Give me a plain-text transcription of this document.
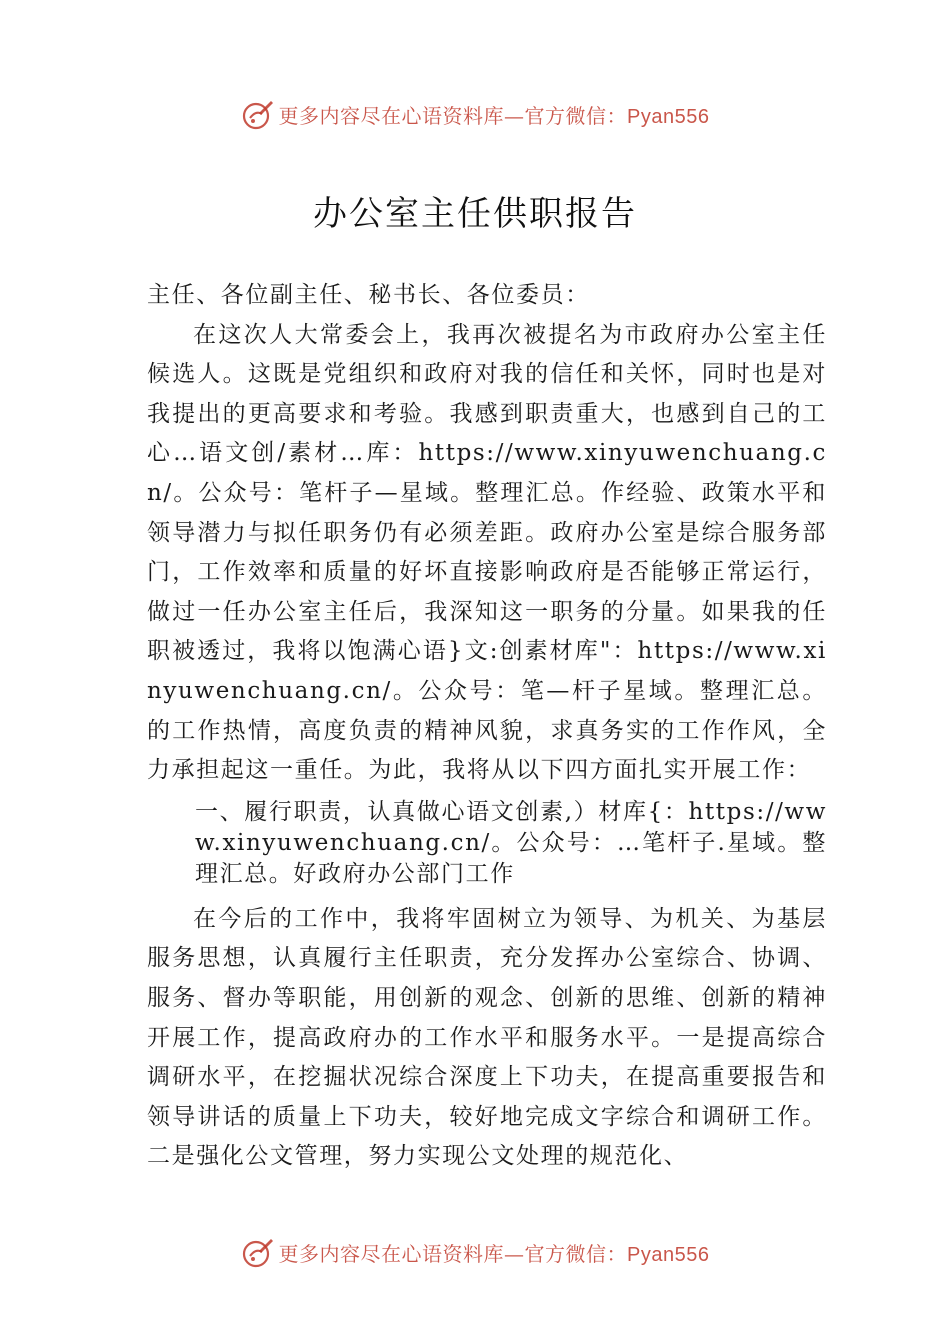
更多内容尽在心语资料库—官方微信：Pyan556
办公室主任供职报告

主任、各位副主任、秘书长、各位委员：

在这次人大常委会上，我再次被提名为市政府办公室主任候选人。这既是党组织和政府对我的信任和关怀，同时也是对我提出的更高要求和考验。我感到职责重大，也感到自己的工心…语文创/素材…库：https://www.xinyuwenchuang.cn/。公众号：笔杆子—星域。整理汇总。作经验、政策水平和领导潜力与拟任职务仍有必须差距。政府办公室是综合服务部门，工作效率和质量的好坏直接影响政府是否能够正常运行，做过一任办公室主任后，我深知这一职务的分量。如果我的任职被透过，我将以饱满心语}文:创素材库"：https://www.xinyuwenchuang.cn/。公众号：笔—杆子星域。整理汇总。的工作热情，高度负责的精神风貌，求真务实的工作作风，全力承担起这一重任。为此，我将从以下四方面扎实开展工作：

一、履行职责，认真做心语文创素,）材库{：https://www.xinyuwenchuang.cn/。公众号：…笔杆子.星域。整理汇总。好政府办公部门工作

在今后的工作中，我将牢固树立为领导、为机关、为基层服务思想，认真履行主任职责，充分发挥办公室综合、协调、服务、督办等职能，用创新的观念、创新的思维、创新的精神开展工作，提高政府办的工作水平和服务水平。一是提高综合调研水平，在挖掘状况综合深度上下功夫，在提高重要报告和领导讲话的质量上下功夫，较好地完成文字综合和调研工作。二是强化公文管理，努力实现公文处理的规范化、

更多内容尽在心语资料库—官方微信：Pyan556
